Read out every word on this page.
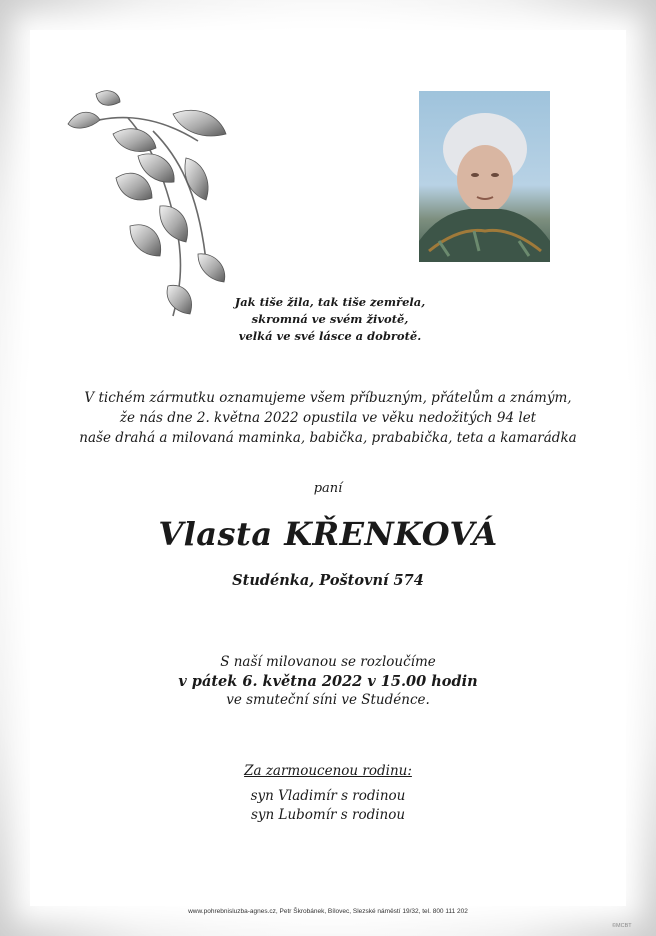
Jak tiše žila, tak tiše zemřela,
skromná ve svém životě,
velká ve své lásce a dobrotě.
V tichém zármutku oznamujeme všem příbuzným, přátelům a známým,
že nás dne 2. května 2022 opustila ve věku nedožitých 94 let
naše drahá a milovaná maminka, babička, prababička, teta a kamarádka
paní
Vlasta KŘENKOVÁ
Studénka, Poštovní 574
S naší milovanou se rozloučíme
v pátek 6. května 2022 v 15.00 hodin
ve smuteční síni ve Studénce.
Za zarmoucenou rodinu:
syn Vladimír s rodinou
syn Lubomír s rodinou
www.pohrebnisluzba-agnes.cz, Petr Škrobánek, Bílovec, Slezské náměstí 19/32, tel. 800 111 202
©MCBT
